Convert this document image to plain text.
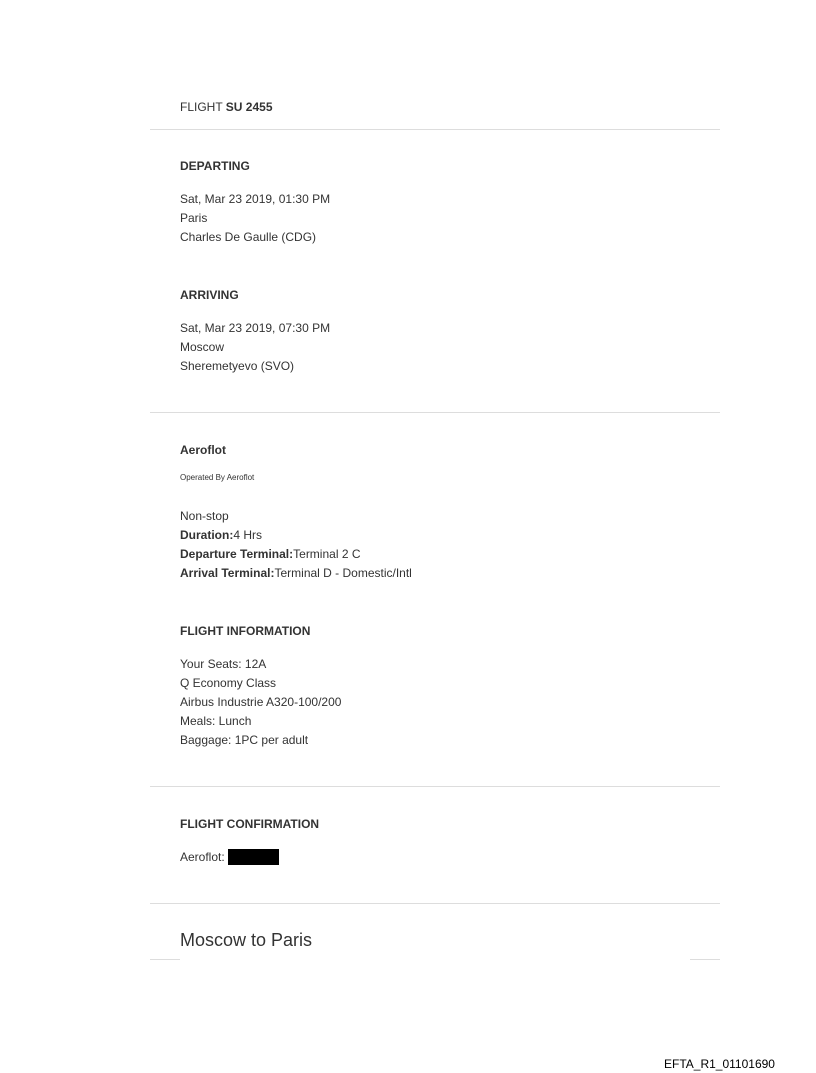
FLIGHT SU 2455
DEPARTING
Sat, Mar 23 2019, 01:30 PM
Paris
Charles De Gaulle (CDG)
ARRIVING
Sat, Mar 23 2019, 07:30 PM
Moscow
Sheremetyevo (SVO)
Aeroflot
Operated By Aeroflot
Non-stop
Duration:4 Hrs
Departure Terminal:Terminal 2 C
Arrival Terminal:Terminal D - Domestic/Intl
FLIGHT INFORMATION
Your Seats: 12A
Q Economy Class
Airbus Industrie A320-100/200
Meals: Lunch
Baggage: 1PC per adult
FLIGHT CONFIRMATION
Aeroflot:
Moscow to Paris
EFTA_R1_01101690
